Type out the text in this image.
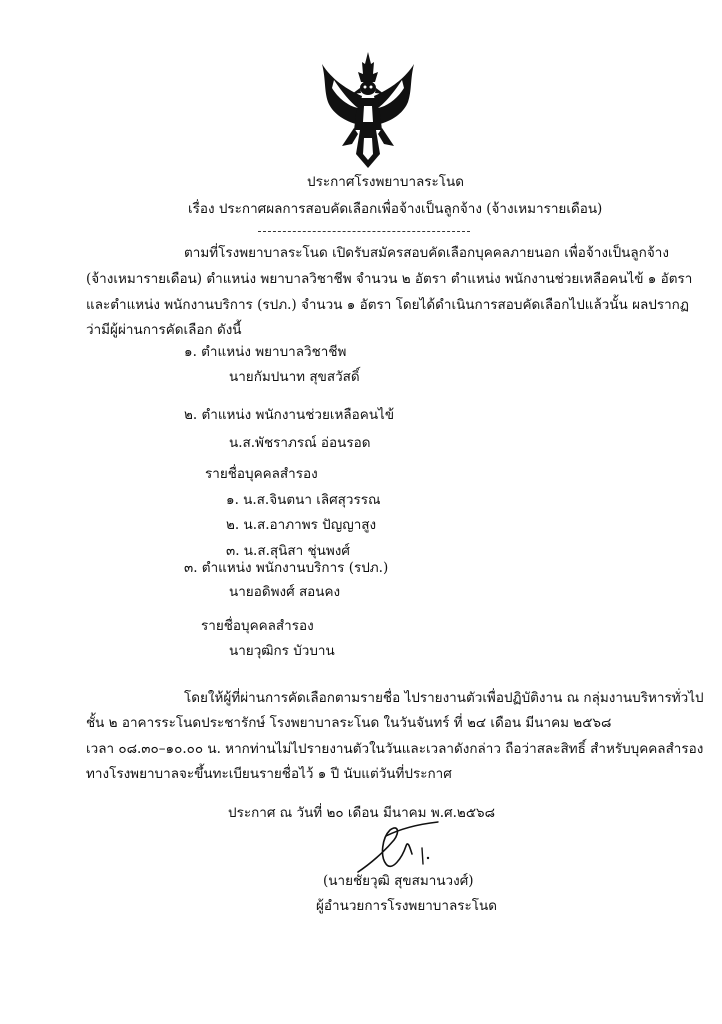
ประกาศโรงพยาบาลระโนด
เรื่อง ประกาศผลการสอบคัดเลือกเพื่อจ้างเป็นลูกจ้าง (จ้างเหมารายเดือน)
ตามที่โรงพยาบาลระโนด เปิดรับสมัครสอบคัดเลือกบุคคลภายนอก เพื่อจ้างเป็นลูกจ้าง
(จ้างเหมารายเดือน) ตำแหน่ง พยาบาลวิชาชีพ จำนวน ๒ อัตรา ตำแหน่ง พนักงานช่วยเหลือคนไข้ ๑ อัตรา
และตำแหน่ง พนักงานบริการ (รปภ.) จำนวน ๑ อัตรา โดยได้ดำเนินการสอบคัดเลือกไปแล้วนั้น ผลปรากฏ
ว่ามีผู้ผ่านการคัดเลือก ดังนี้
๑. ตำแหน่ง พยาบาลวิชาชีพ
นายกัมปนาท สุขสวัสดิ์
๒. ตำแหน่ง พนักงานช่วยเหลือคนไข้
น.ส.พัชราภรณ์ อ่อนรอด
รายชื่อบุคคลสำรอง
๑. น.ส.จินตนา เลิศสุวรรณ
๒. น.ส.อาภาพร ปัญญาสูง
๓. น.ส.สุนิสา ชุ่นพงศ์
๓. ตำแหน่ง พนักงานบริการ (รปภ.)
นายอดิพงศ์ สอนคง
รายชื่อบุคคลสำรอง
นายวุฒิกร บัวบาน
โดยให้ผู้ที่ผ่านการคัดเลือกตามรายชื่อ ไปรายงานตัวเพื่อปฏิบัติงาน ณ กลุ่มงานบริหารทั่วไป
ชั้น ๒ อาคารระโนดประชารักษ์ โรงพยาบาลระโนด ในวันจันทร์ ที่ ๒๔ เดือน มีนาคม ๒๕๖๘
เวลา ๐๘.๓๐–๑๐.๐๐ น. หากท่านไม่ไปรายงานตัวในวันและเวลาดังกล่าว ถือว่าสละสิทธิ์ สำหรับบุคคลสำรอง
ทางโรงพยาบาลจะขึ้นทะเบียนรายชื่อไว้ ๑ ปี นับแต่วันที่ประกาศ
ประกาศ ณ วันที่ ๒๐ เดือน มีนาคม พ.ศ.๒๕๖๘
(นายชัยวุฒิ สุขสมานวงศ์)
ผู้อำนวยการโรงพยาบาลระโนด
